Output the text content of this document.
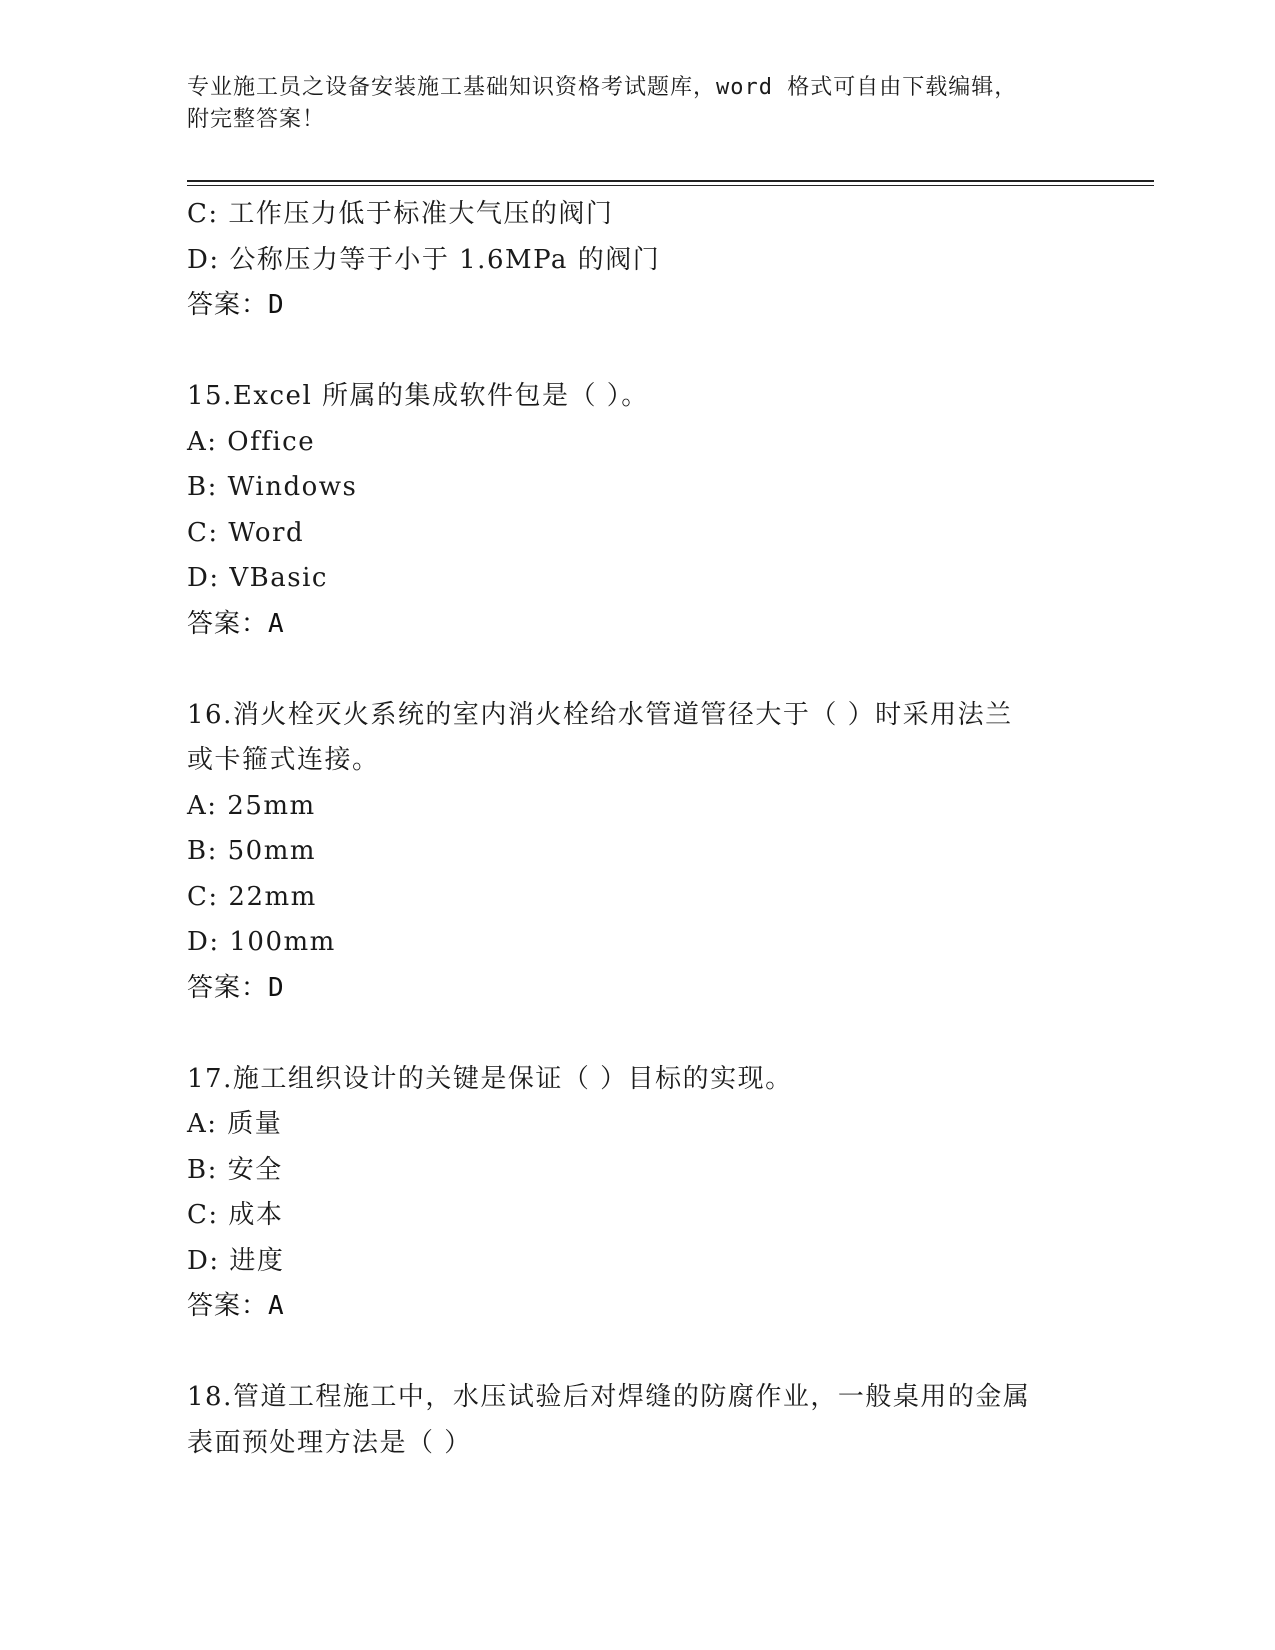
专业施工员之设备安装施工基础知识资格考试题库，word 格式可自由下载编辑，
附完整答案！
C: 工作压力低于标准大气压的阀门
D: 公称压力等于小于 1.6MPa 的阀门
答案：D
15.Excel 所属的集成软件包是（ ）。
A: Office
B: Windows
C: Word
D: VBasic
答案：A
16.消火栓灭火系统的室内消火栓给水管道管径大于（ ）时采用法兰
或卡箍式连接。
A: 25mm
B: 50mm
C: 22mm
D: 100mm
答案：D
17.施工组织设计的关键是保证（ ）目标的实现。
A: 质量
B: 安全
C: 成本
D: 进度
答案：A
18.管道工程施工中，水压试验后对焊缝的防腐作业，一般桌用的金属
表面预处理方法是（ ）
